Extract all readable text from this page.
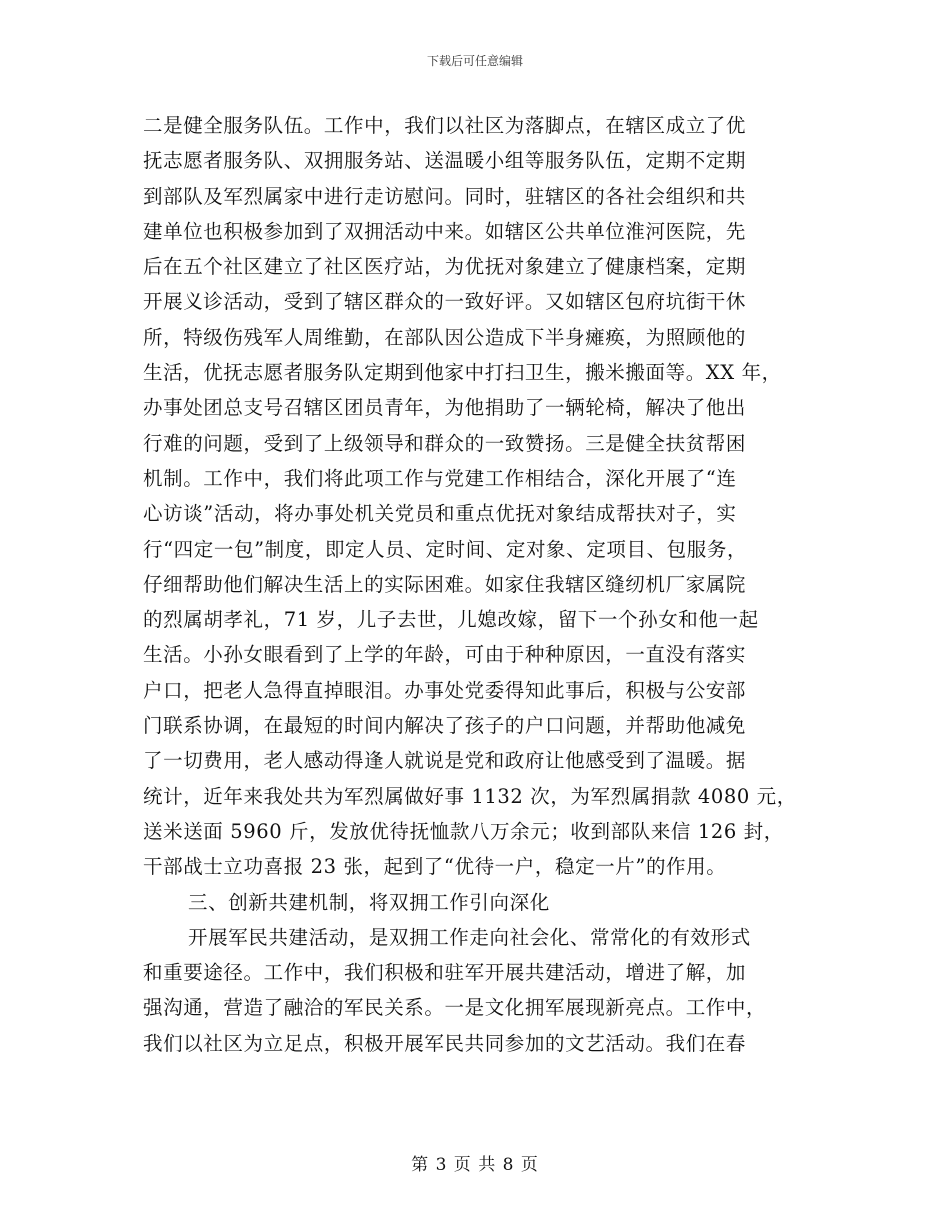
下载后可任意编辑
二是健全服务队伍。工作中，我们以社区为落脚点，在辖区成立了优
抚志愿者服务队、双拥服务站、送温暖小组等服务队伍，定期不定期
到部队及军烈属家中进行走访慰问。同时，驻辖区的各社会组织和共
建单位也积极参加到了双拥活动中来。如辖区公共单位淮河医院，先
后在五个社区建立了社区医疗站，为优抚对象建立了健康档案，定期
开展义诊活动，受到了辖区群众的一致好评。又如辖区包府坑街干休
所，特级伤残军人周维勤，在部队因公造成下半身瘫痪，为照顾他的
生活，优抚志愿者服务队定期到他家中打扫卫生，搬米搬面等。XX 年，
办事处团总支号召辖区团员青年，为他捐助了一辆轮椅，解决了他出
行难的问题，受到了上级领导和群众的一致赞扬。三是健全扶贫帮困
机制。工作中，我们将此项工作与党建工作相结合，深化开展了“连
心访谈”活动，将办事处机关党员和重点优抚对象结成帮扶对子，实
行“四定一包”制度，即定人员、定时间、定对象、定项目、包服务，
仔细帮助他们解决生活上的实际困难。如家住我辖区缝纫机厂家属院
的烈属胡孝礼，71 岁，儿子去世，儿媳改嫁，留下一个孙女和他一起
生活。小孙女眼看到了上学的年龄，可由于种种原因，一直没有落实
户口，把老人急得直掉眼泪。办事处党委得知此事后，积极与公安部
门联系协调，在最短的时间内解决了孩子的户口问题，并帮助他减免
了一切费用，老人感动得逢人就说是党和政府让他感受到了温暖。据
统计，近年来我处共为军烈属做好事 1132 次，为军烈属捐款 4080 元，
送米送面 5960 斤，发放优待抚恤款八万余元；收到部队来信 126 封，
干部战士立功喜报 23 张，起到了“优待一户，稳定一片”的作用。
三、创新共建机制，将双拥工作引向深化
开展军民共建活动，是双拥工作走向社会化、常常化的有效形式
和重要途径。工作中，我们积极和驻军开展共建活动，增进了解，加
强沟通，营造了融洽的军民关系。一是文化拥军展现新亮点。工作中，
我们以社区为立足点，积极开展军民共同参加的文艺活动。我们在春
第 3 页 共 8 页
